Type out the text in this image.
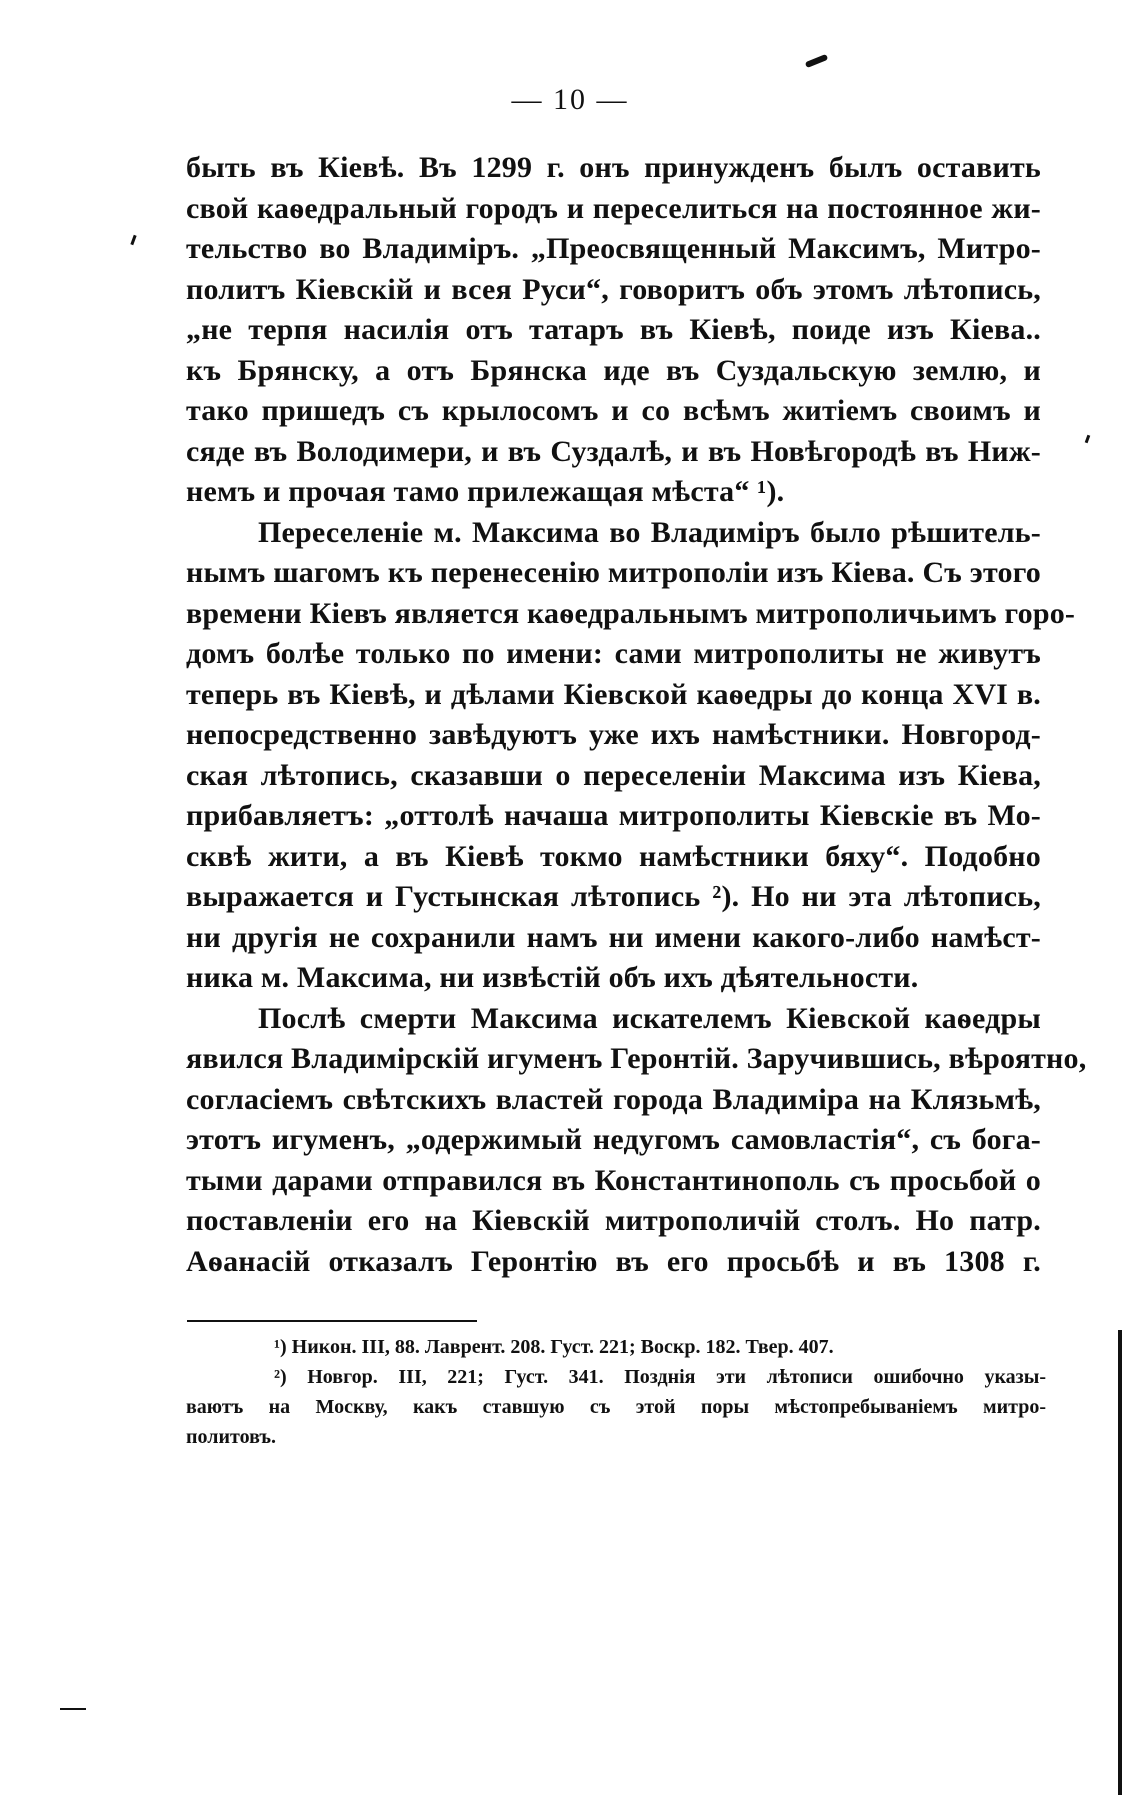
— 10 —
быть въ Кіевѣ. Въ 1299 г. онъ принужденъ былъ оставить
свой каѳедральный городъ и переселиться на постоянное жи-
тельство во Владиміръ. „Преосвященный Максимъ, Митро-
политъ Кіевскій и всея Руси“, говоритъ объ этомъ лѣтопись,
„не терпя насилія отъ татаръ въ Кіевѣ, поиде изъ Кіева..
къ Брянску, а отъ Брянска иде въ Суздальскую землю, и
тако пришедъ съ крылосомъ и со всѣмъ житіемъ своимъ и
сяде въ Володимери, и въ Суздалѣ, и въ Новѣгородѣ въ Ниж-
немъ и прочая тамо прилежащая мѣста“ ¹).
Переселеніе м. Максима во Владиміръ было рѣшитель-
нымъ шагомъ къ перенесенію митрополіи изъ Кіева. Съ этого
времени Кіевъ является каѳедральнымъ митрополичьимъ горо-
домъ болѣе только по имени: сами митрополиты не живутъ
теперь въ Кіевѣ, и дѣлами Кіевской каѳедры до конца XVI в.
непосредственно завѣдуютъ уже ихъ намѣстники. Новгород-
ская лѣтопись, сказавши о переселеніи Максима изъ Кіева,
прибавляетъ: „оттолѣ начаша митрополиты Кіевскіе въ Мо-
сквѣ жити, а въ Кіевѣ токмо намѣстники бяху“. Подобно
выражается и Густынская лѣтопись ²). Но ни эта лѣтопись,
ни другія не сохранили намъ ни имени какого-либо намѣст-
ника м. Максима, ни извѣстій объ ихъ дѣятельности.
Послѣ смерти Максима искателемъ Кіевской каѳедры
явился Владимірскій игуменъ Геронтій. Заручившись, вѣроятно,
согласіемъ свѣтскихъ властей города Владиміра на Клязьмѣ,
этотъ игуменъ, „одержимый недугомъ самовластія“, съ богa-
тыми дарами отправился въ Константинополь съ просьбой о
поставленіи его на Кіевскій митрополичій столъ. Но патр.
Аѳанасій отказалъ Геронтію въ его просьбѣ и въ 1308 г.
¹) Никон. III, 88. Лаврент. 208. Густ. 221; Воскр. 182. Твер. 407.
²) Новгор. III, 221; Густ. 341. Позднія эти лѣтописи ошибочно указы-
ваютъ на Москву, какъ ставшую съ этой поры мѣстопребываніемъ митро-
политовъ.
